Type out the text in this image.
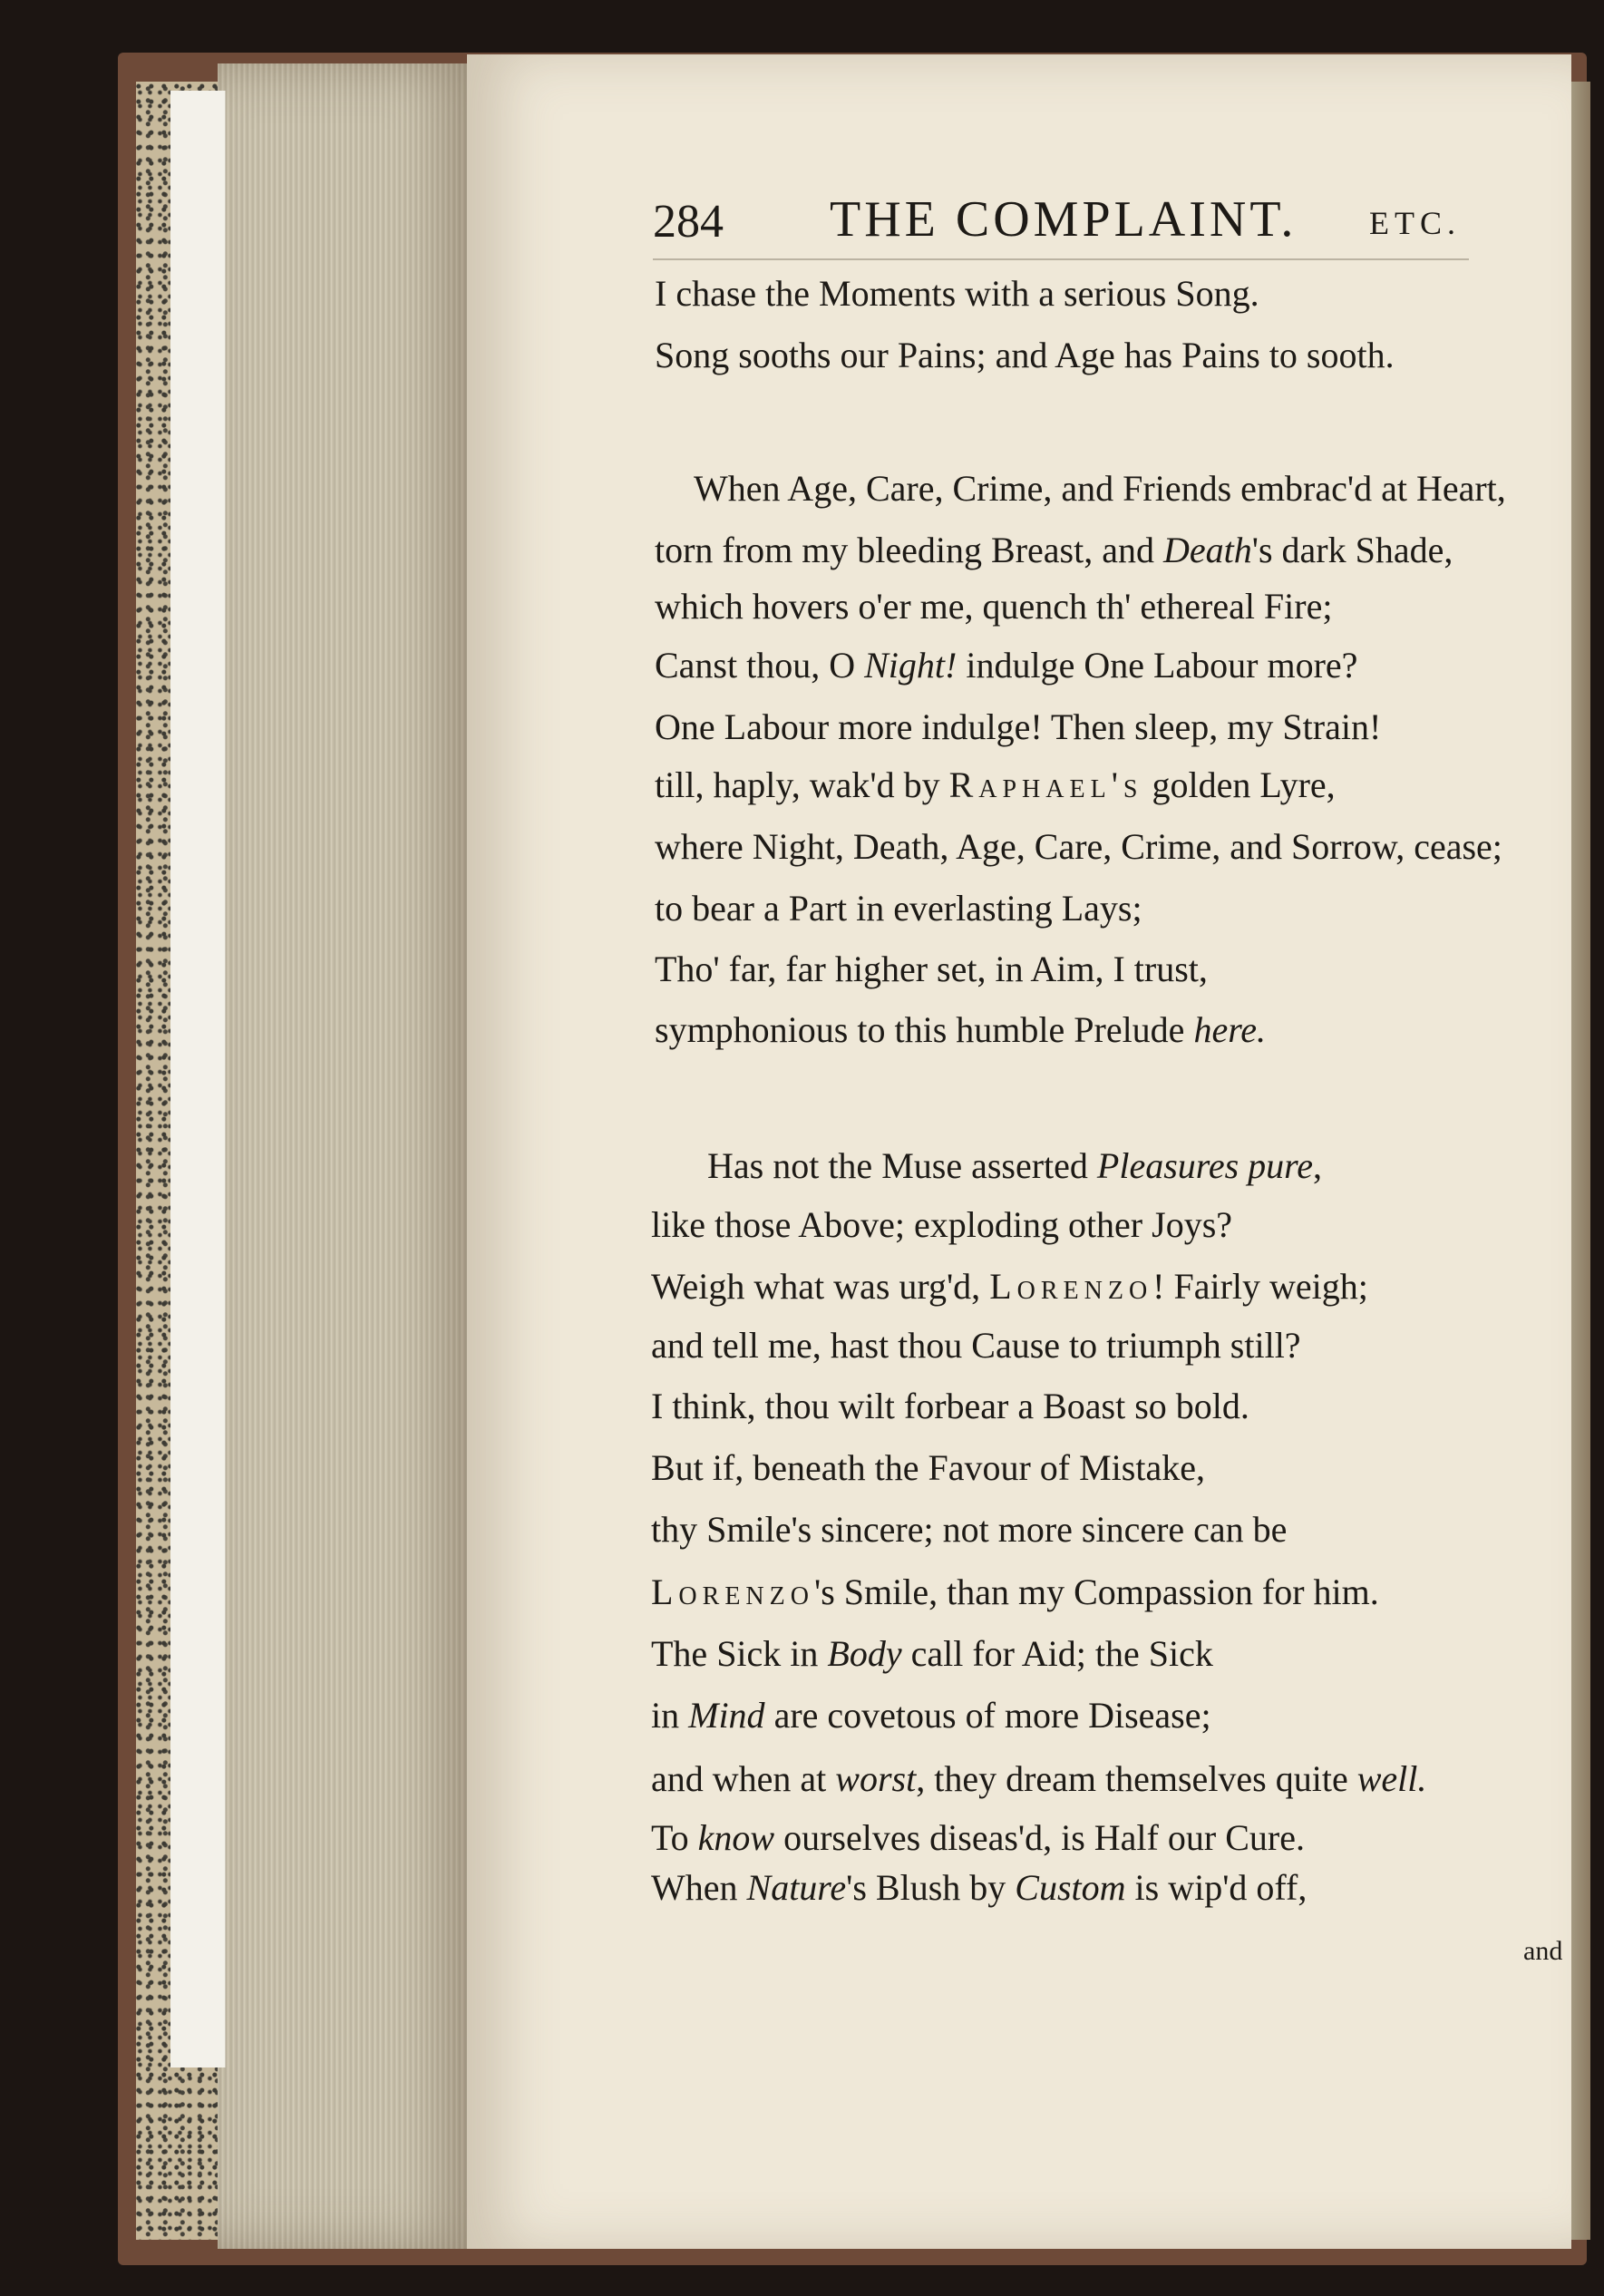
284 THE COMPLAINT. ETC.
I chase the Moments with a serious Song.
Song sooths our Pains; and Age has Pains to sooth.
When Age, Care, Crime, and Friends embrac'd at Heart,
torn from my bleeding Breast, and Death's dark Shade,
which hovers o'er me, quench th' ethereal Fire;
Canst thou, O Night! indulge One Labour more?
One Labour more indulge! Then sleep, my Strain!
till, haply, wak'd by Raphael's golden Lyre,
where Night, Death, Age, Care, Crime, and Sorrow, cease;
to bear a Part in everlasting Lays;
Tho' far, far higher set, in Aim, I trust,
symphonious to this humble Prelude here.
Has not the Muse asserted Pleasures pure,
like those Above; exploding other Joys?
Weigh what was urg'd, Lorenzo! Fairly weigh;
and tell me, hast thou Cause to triumph still?
I think, thou wilt forbear a Boast so bold.
But if, beneath the Favour of Mistake,
thy Smile's sincere; not more sincere can be
Lorenzo's Smile, than my Compassion for him.
The Sick in Body call for Aid; the Sick
in Mind are covetous of more Disease;
and when at worst, they dream themselves quite well.
To know ourselves diseas'd, is Half our Cure.
When Nature's Blush by Custom is wip'd off,
and
